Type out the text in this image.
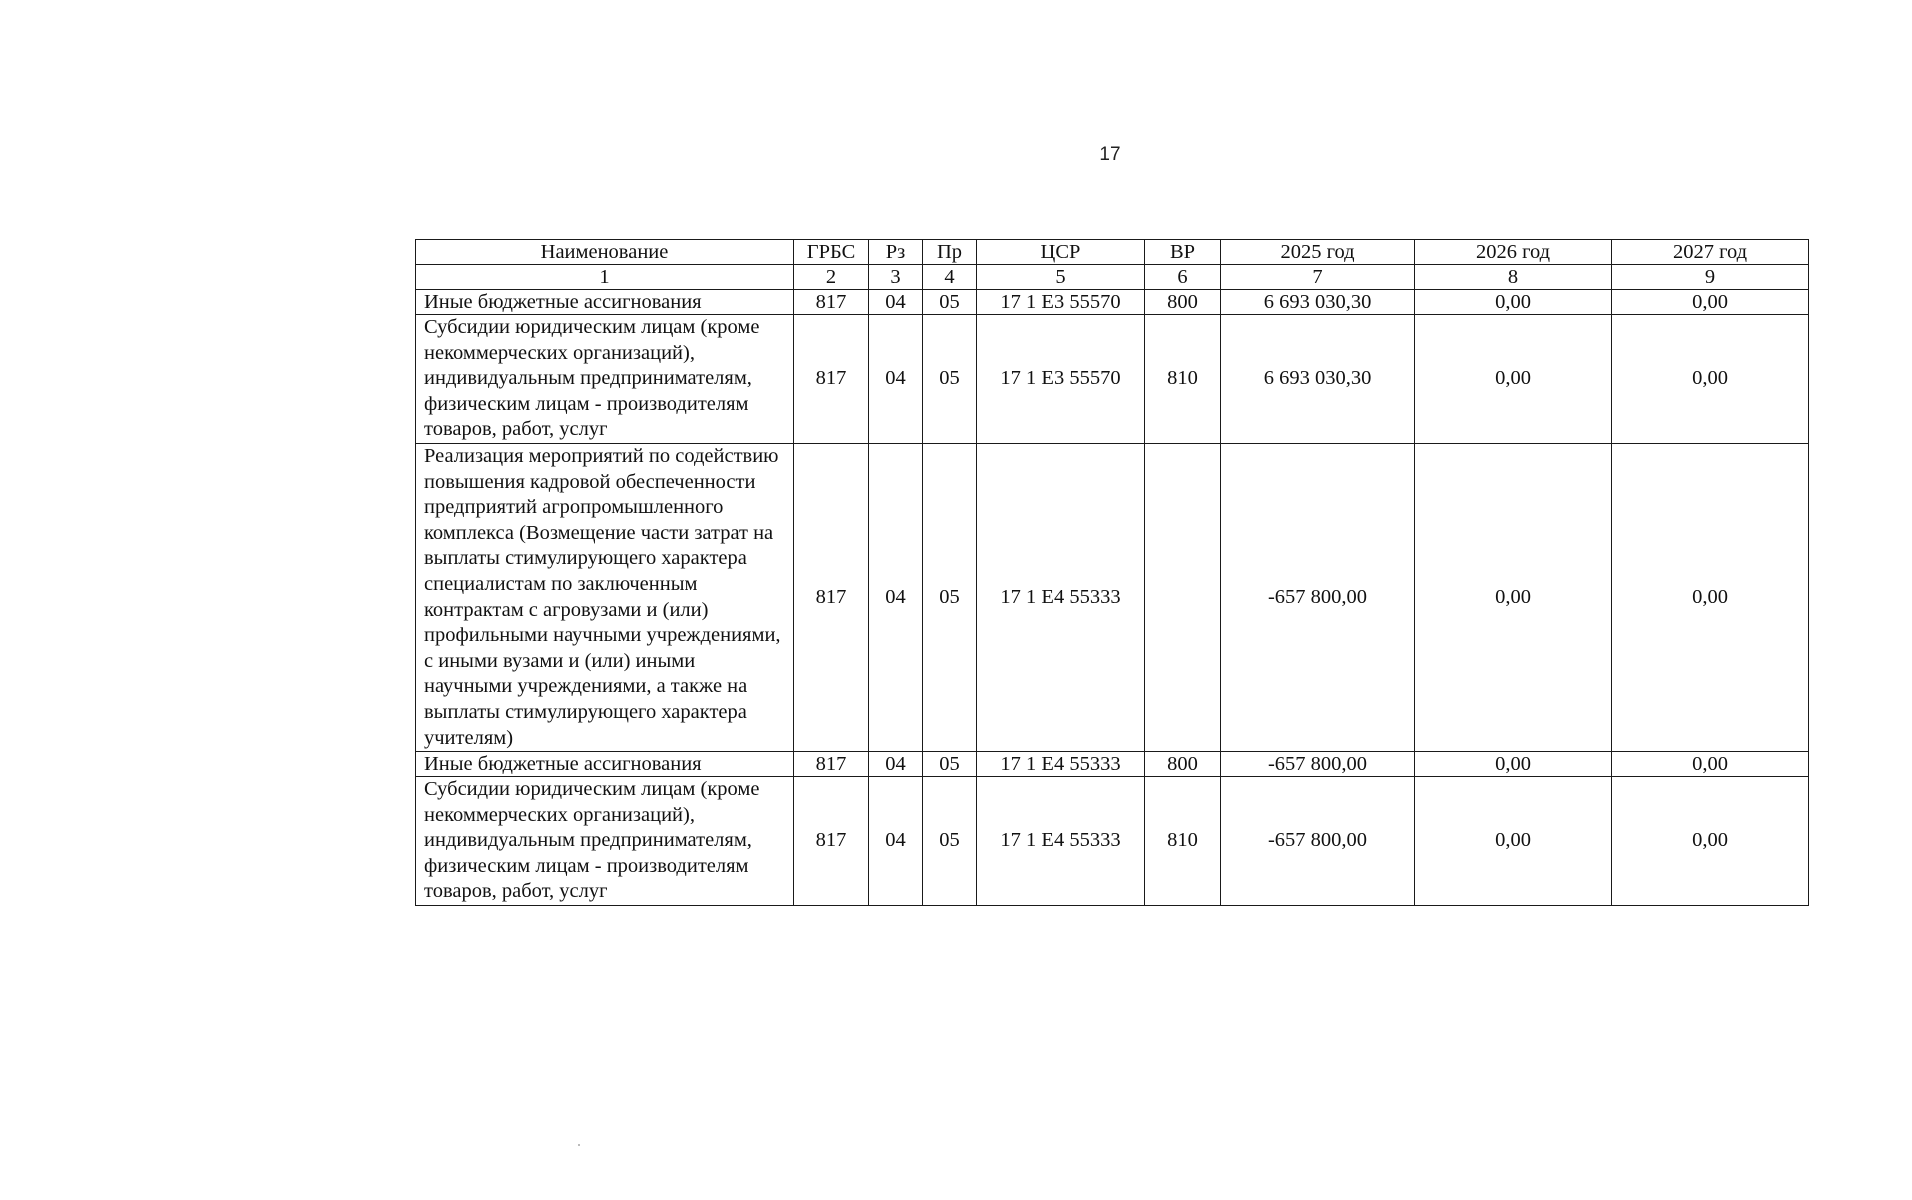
17
Наименование	ГРБС	Рз	Пр	ЦСР	ВР	2025 год	2026 год	2027 год
1	2	3	4	5	6	7	8	9
Иные бюджетные ассигнования	817	04	05	17 1 E3 55570	800	6 693 030,30	0,00	0,00
Субсидии юридическим лицам (кроме некоммерческих организаций), индивидуальным предпринимателям, физическим лицам - производителям товаров, работ, услуг	817	04	05	17 1 E3 55570	810	6 693 030,30	0,00	0,00
Реализация мероприятий по содействию повышения кадровой обеспеченности предприятий агропромышленного комплекса (Возмещение части затрат на выплаты стимулирующего характера специалистам по заключенным контрактам с агровузами и (или) профильными научными учреждениями, с иными вузами и (или) иными научными учреждениями, а также на выплаты стимулирующего характера учителям)	817	04	05	17 1 E4 55333		-657 800,00	0,00	0,00
Иные бюджетные ассигнования	817	04	05	17 1 E4 55333	800	-657 800,00	0,00	0,00
Субсидии юридическим лицам (кроме некоммерческих организаций), индивидуальным предпринимателям, физическим лицам - производителям товаров, работ, услуг	817	04	05	17 1 E4 55333	810	-657 800,00	0,00	0,00
